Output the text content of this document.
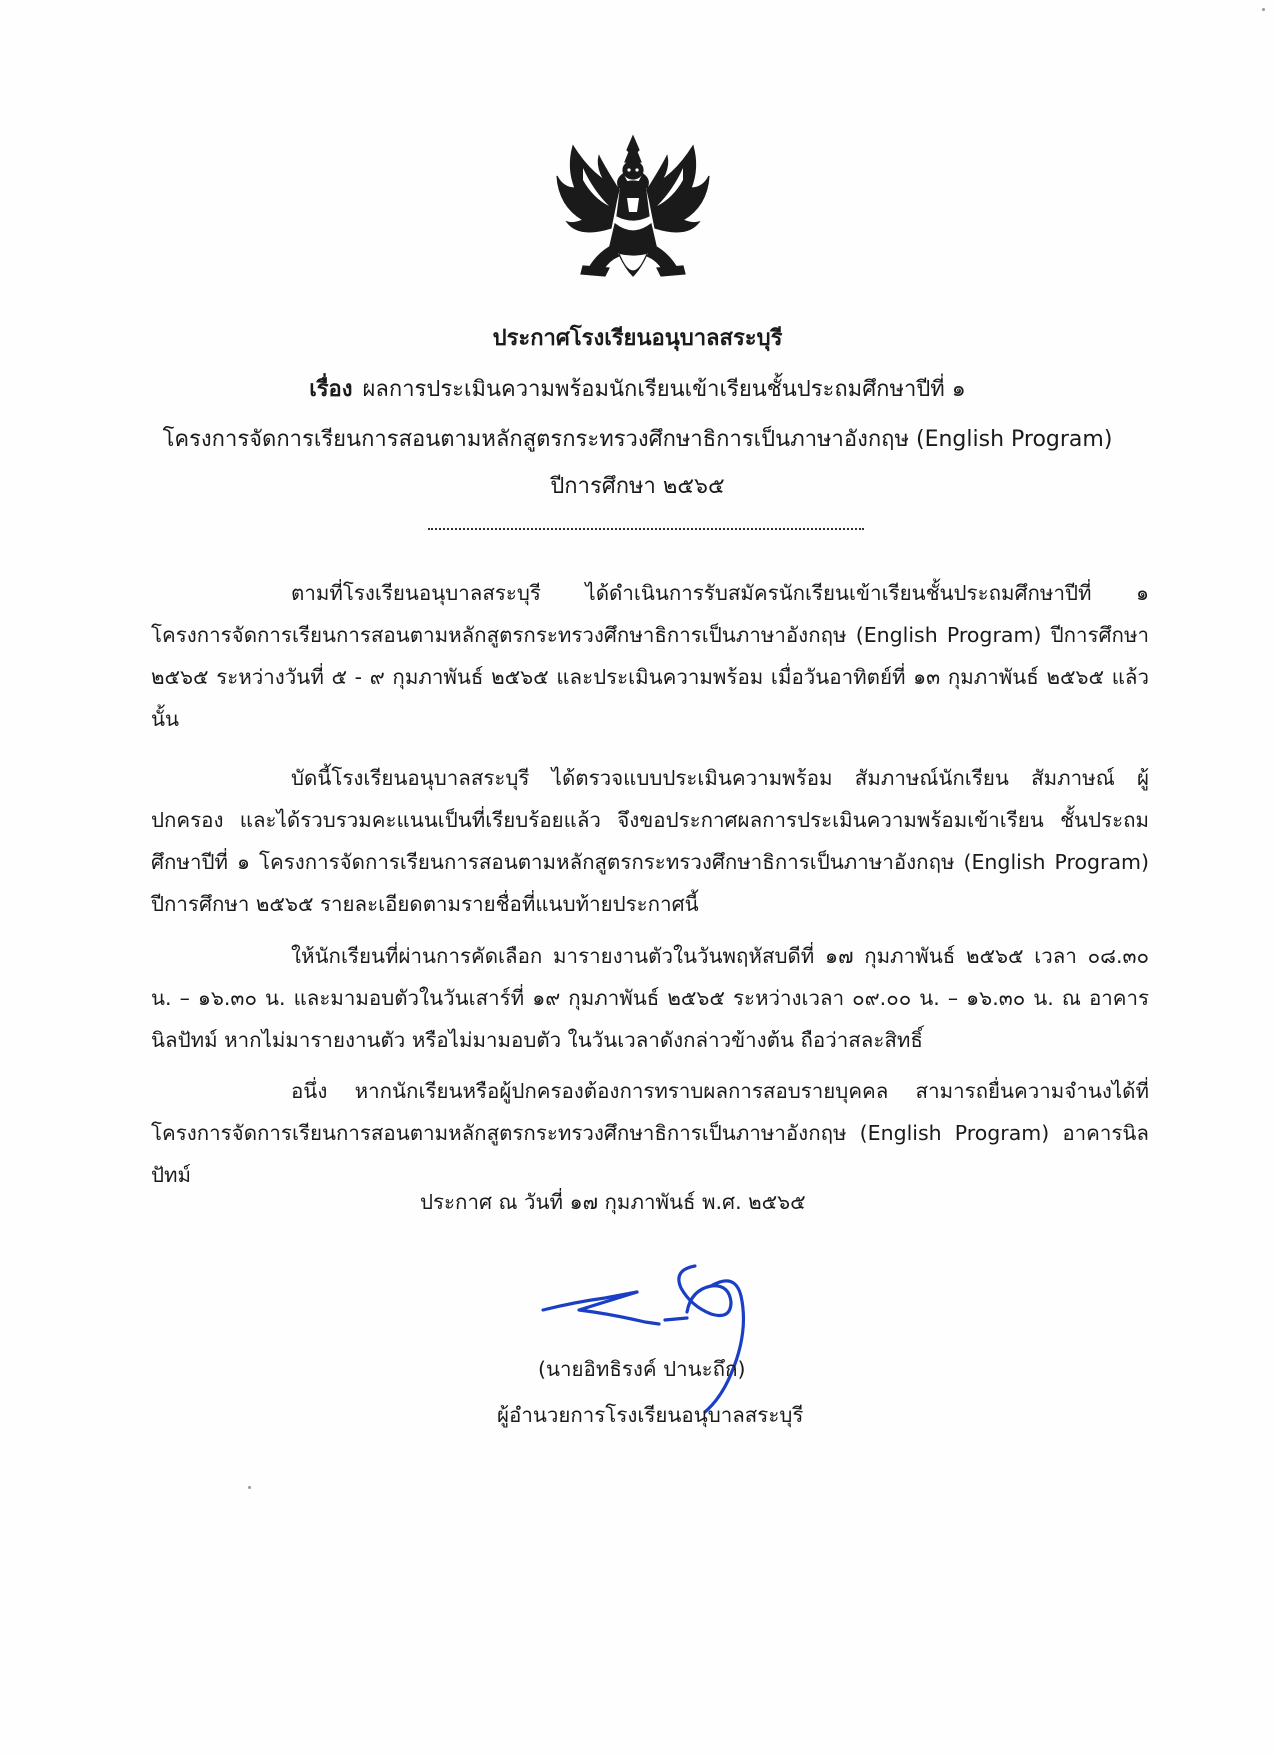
ประกาศโรงเรียนอนุบาลสระบุรี
เรื่อง ผลการประเมินความพร้อมนักเรียนเข้าเรียนชั้นประถมศึกษาปีที่ ๑
โครงการจัดการเรียนการสอนตามหลักสูตรกระทรวงศึกษาธิการเป็นภาษาอังกฤษ (English Program)
ปีการศึกษา ๒๕๖๕

ตามที่โรงเรียนอนุบาลสระบุรี ได้ดำเนินการรับสมัครนักเรียนเข้าเรียนชั้นประถมศึกษาปีที่ ๑ โครงการจัดการเรียนการสอนตามหลักสูตรกระทรวงศึกษาธิการเป็นภาษาอังกฤษ (English Program) ปีการศึกษา ๒๕๖๕ ระหว่างวันที่ ๕ - ๙ กุมภาพันธ์ ๒๕๖๕ และประเมินความพร้อม เมื่อวันอาทิตย์ที่ ๑๓ กุมภาพันธ์ ๒๕๖๕ แล้วนั้น

บัดนี้โรงเรียนอนุบาลสระบุรี ได้ตรวจแบบประเมินความพร้อม สัมภาษณ์นักเรียน สัมภาษณ์ ผู้ปกครอง และได้รวบรวมคะแนนเป็นที่เรียบร้อยแล้ว จึงขอประกาศผลการประเมินความพร้อมเข้าเรียน ชั้นประถมศึกษาปีที่ ๑ โครงการจัดการเรียนการสอนตามหลักสูตรกระทรวงศึกษาธิการเป็นภาษาอังกฤษ (English Program) ปีการศึกษา ๒๕๖๕ รายละเอียดตามรายชื่อที่แนบท้ายประกาศนี้

ให้นักเรียนที่ผ่านการคัดเลือก มารายงานตัวในวันพฤหัสบดีที่ ๑๗ กุมภาพันธ์ ๒๕๖๕ เวลา ๐๘.๓๐ น. – ๑๖.๓๐ น. และมามอบตัวในวันเสาร์ที่ ๑๙ กุมภาพันธ์ ๒๕๖๕ ระหว่างเวลา ๐๙.๐๐ น. – ๑๖.๓๐ น. ณ อาคารนิลปัทม์ หากไม่มารายงานตัว หรือไม่มามอบตัว ในวันเวลาดังกล่าวข้างต้น ถือว่าสละสิทธิ์

อนึ่ง หากนักเรียนหรือผู้ปกครองต้องการทราบผลการสอบรายบุคคล สามารถยื่นความจำนงได้ที่ โครงการจัดการเรียนการสอนตามหลักสูตรกระทรวงศึกษาธิการเป็นภาษาอังกฤษ (English Program) อาคารนิลปัทม์

ประกาศ ณ วันที่ ๑๗ กุมภาพันธ์ พ.ศ. ๒๕๖๕
(นายอิทธิรงค์ ปานะถึก)
ผู้อำนวยการโรงเรียนอนุบาลสระบุรี
